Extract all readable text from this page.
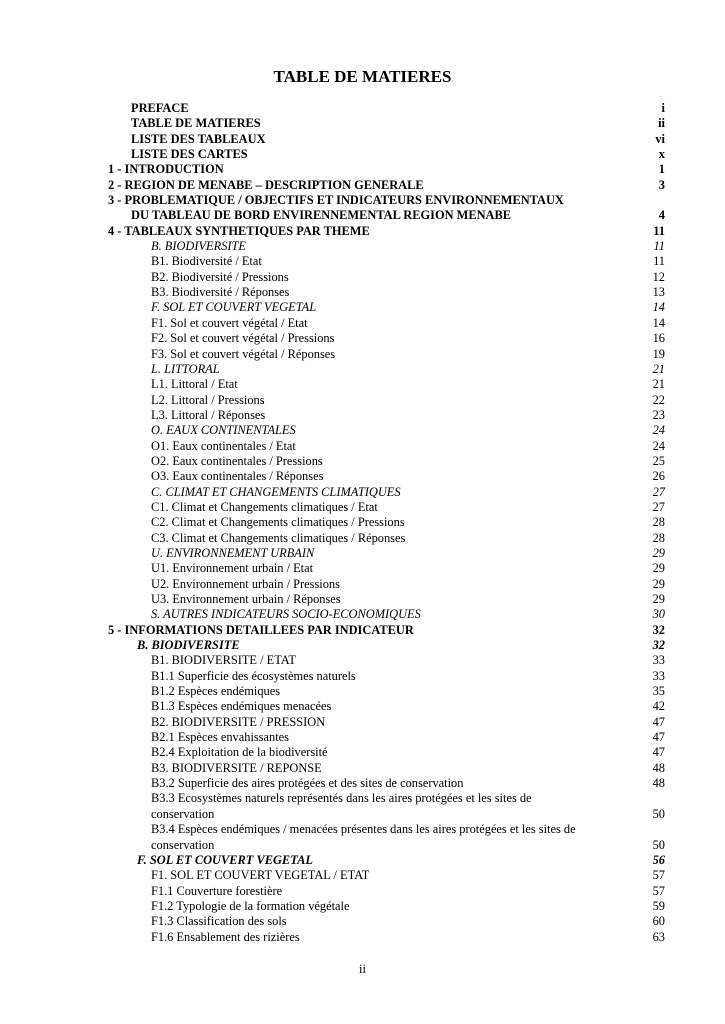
TABLE DE MATIERES
PREFACE	i
TABLE DE MATIERES	ii
LISTE DES TABLEAUX	vi
LISTE DES CARTES	x
1 - INTRODUCTION	1
2 - REGION DE MENABE – DESCRIPTION GENERALE	3
3 - PROBLEMATIQUE / OBJECTIFS ET INDICATEURS ENVIRONNEMENTAUX
DU TABLEAU DE BORD ENVIRENNEMENTAL REGION MENABE	4
4 - TABLEAUX SYNTHETIQUES PAR THEME	11
B. BIODIVERSITE	11
B1. Biodiversité / Etat	11
B2. Biodiversité / Pressions	12
B3. Biodiversité / Réponses	13
F. SOL ET COUVERT VEGETAL	14
F1. Sol et couvert végétal / Etat	14
F2. Sol et couvert végétal / Pressions	16
F3. Sol et couvert végétal / Réponses	19
L. LITTORAL	21
L1. Littoral / Etat	21
L2. Littoral / Pressions	22
L3. Littoral / Réponses	23
O. EAUX CONTINENTALES	24
O1. Eaux continentales / Etat	24
O2. Eaux continentales / Pressions	25
O3. Eaux continentales / Réponses	26
C. CLIMAT ET CHANGEMENTS CLIMATIQUES	27
C1. Climat et Changements climatiques / Etat	27
C2. Climat et Changements climatiques / Pressions	28
C3. Climat et Changements climatiques / Réponses	28
U. ENVIRONNEMENT URBAIN	29
U1. Environnement urbain / Etat	29
U2. Environnement urbain / Pressions	29
U3. Environnement urbain / Réponses	29
S. AUTRES INDICATEURS SOCIO-ECONOMIQUES	30
5 - INFORMATIONS DETAILLEES PAR INDICATEUR	32
B. BIODIVERSITE	32
B1. BIODIVERSITE / ETAT	33
B1.1 Superficie des écosystèmes naturels	33
B1.2 Espèces endémiques	35
B1.3 Espèces endémiques menacées	42
B2. BIODIVERSITE / PRESSION	47
B2.1 Espèces envahissantes	47
B2.4 Exploitation de la biodiversité	47
B3. BIODIVERSITE / REPONSE	48
B3.2 Superficie des aires protégées et des sites de conservation	48
B3.3 Ecosystèmes naturels représentés dans les aires protégées et les sites de
conservation	50
B3.4 Espèces endémiques / menacées présentes dans les aires protégées et les sites de
conservation	50
F. SOL ET COUVERT VEGETAL	56
F1. SOL ET COUVERT VEGETAL / ETAT	57
F1.1 Couverture forestière	57
F1.2 Typologie de la formation végétale	59
F1.3 Classification des sols	60
F1.6 Ensablement des rizières	63
ii
